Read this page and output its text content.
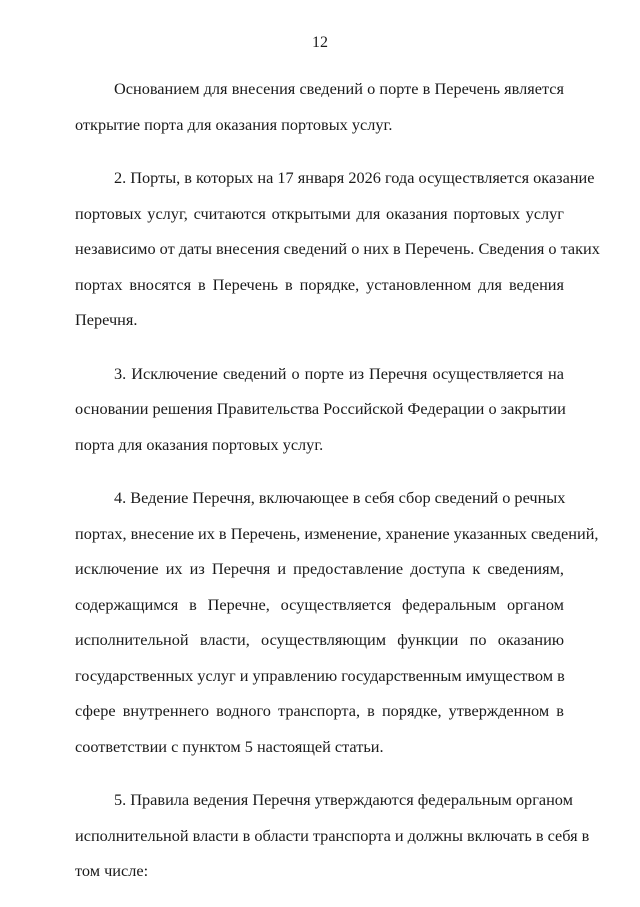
12

Основанием для внесения сведений о порте в Перечень является
открытие порта для оказания портовых услуг.

2. Порты, в которых на 17 января 2026 года осуществляется оказание
портовых услуг, считаются открытыми для оказания портовых услуг
независимо от даты внесения сведений о них в Перечень. Сведения о таких
портах вносятся в Перечень в порядке, установленном для ведения
Перечня.

3. Исключение сведений о порте из Перечня осуществляется на
основании решения Правительства Российской Федерации о закрытии
порта для оказания портовых услуг.

4. Ведение Перечня, включающее в себя сбор сведений о речных
портах, внесение их в Перечень, изменение, хранение указанных сведений,
исключение их из Перечня и предоставление доступа к сведениям,
содержащимся в Перечне, осуществляется федеральным органом
исполнительной власти, осуществляющим функции по оказанию
государственных услуг и управлению государственным имуществом в
сфере внутреннего водного транспорта, в порядке, утвержденном в
соответствии с пунктом 5 настоящей статьи.

5. Правила ведения Перечня утверждаются федеральным органом
исполнительной власти в области транспорта и должны включать в себя в
том числе:
